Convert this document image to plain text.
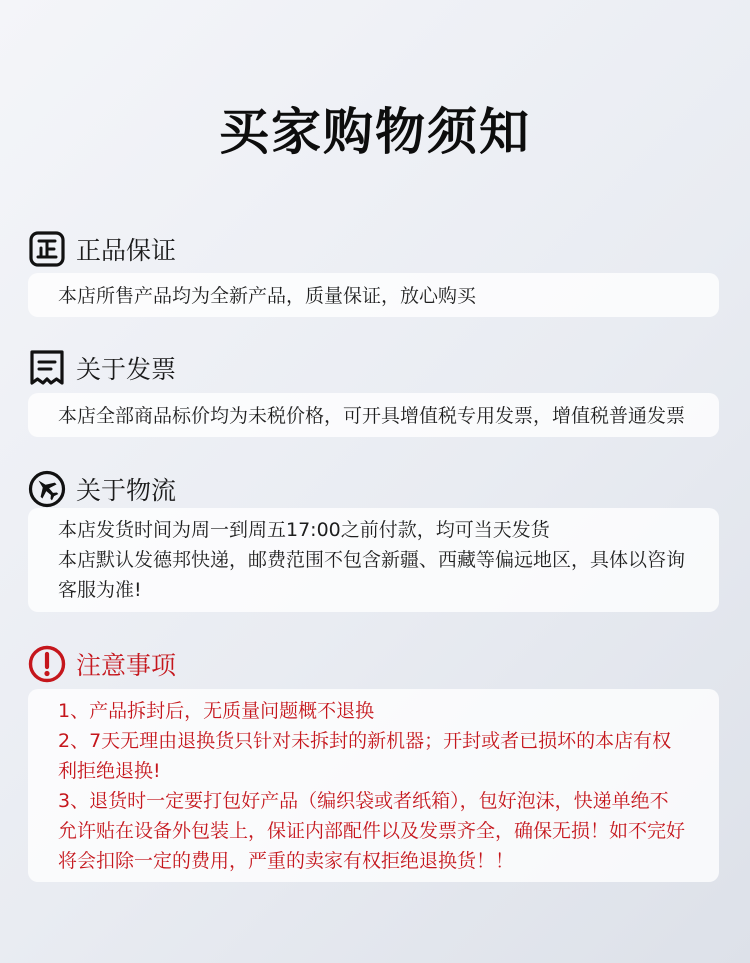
买家购物须知
正品保证

本店所售产品均为全新产品，质量保证，放心购买

关于发票

本店全部商品标价均为未税价格，可开具增值税专用发票，增值税普通发票

关于物流

本店发货时间为周一到周五17:00之前付款，均可当天发货

本店默认发德邦快递，邮费范围不包含新疆、西藏等偏远地区，具体以咨询

客服为准!

注意事项

1、产品拆封后，无质量问题概不退换

2、7天无理由退换货只针对未拆封的新机器；开封或者已损坏的本店有权

利拒绝退换!

3、退货时一定要打包好产品（编织袋或者纸箱），包好泡沫，快递单绝不

允许贴在设备外包装上，保证内部配件以及发票齐全，确保无损！如不完好

将会扣除一定的费用，严重的卖家有权拒绝退换货！！
